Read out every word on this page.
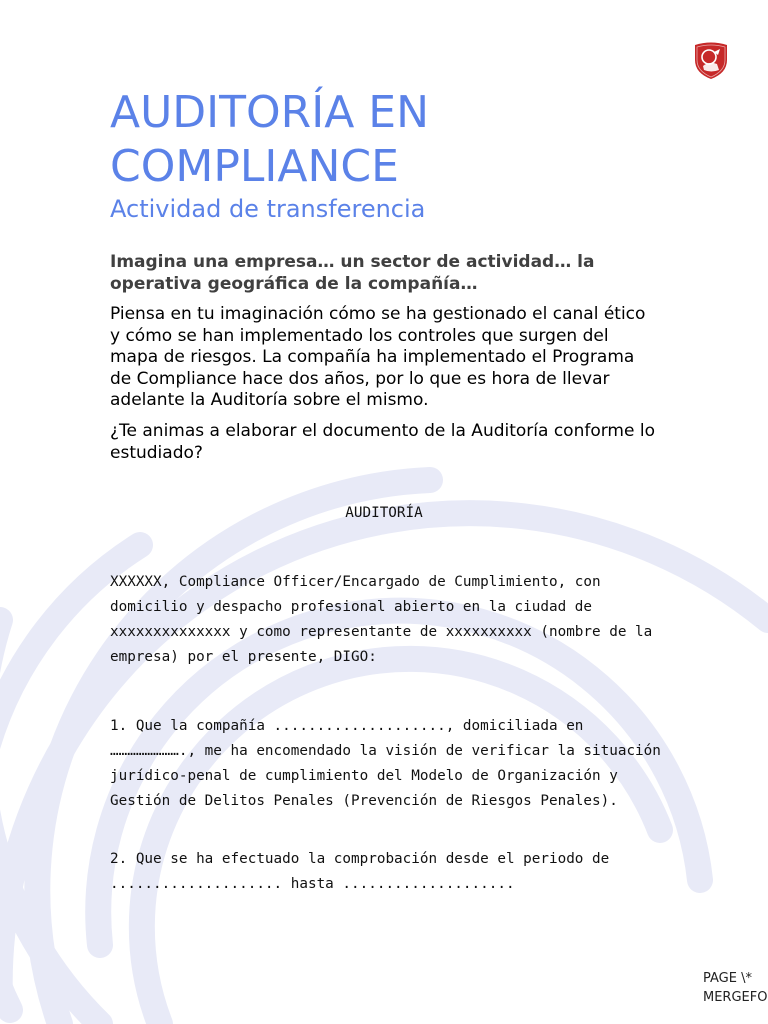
AUDITORÍA EN
COMPLIANCE

Actividad de transferencia

Imagina una empresa… un sector de actividad… la operativa geográfica de la compañía…

Piensa en tu imaginación cómo se ha gestionado el canal ético y cómo se han implementado los controles que surgen del mapa de riesgos. La compañía ha implementado el Programa de Compliance hace dos años, por lo que es hora de llevar adelante la Auditoría sobre el mismo.

¿Te animas a elaborar el documento de la Auditoría conforme lo estudiado?

AUDITORÍA

XXXXXX, Compliance Officer/Encargado de Cumplimiento, con domicilio y despacho profesional abierto en la ciudad de xxxxxxxxxxxxxx y como representante de xxxxxxxxxx (nombre de la empresa) por el presente, DIGO:

1. Que la compañía ...................., domiciliada en ……………………., me ha encomendado la visión de verificar la situación jurídico-penal de cumplimiento del Modelo de Organización y Gestión de Delitos Penales (Prevención de Riesgos Penales).

2. Que se ha efectuado la comprobación desde el periodo de .................... hasta ....................

PAGE \*
MERGEFO
